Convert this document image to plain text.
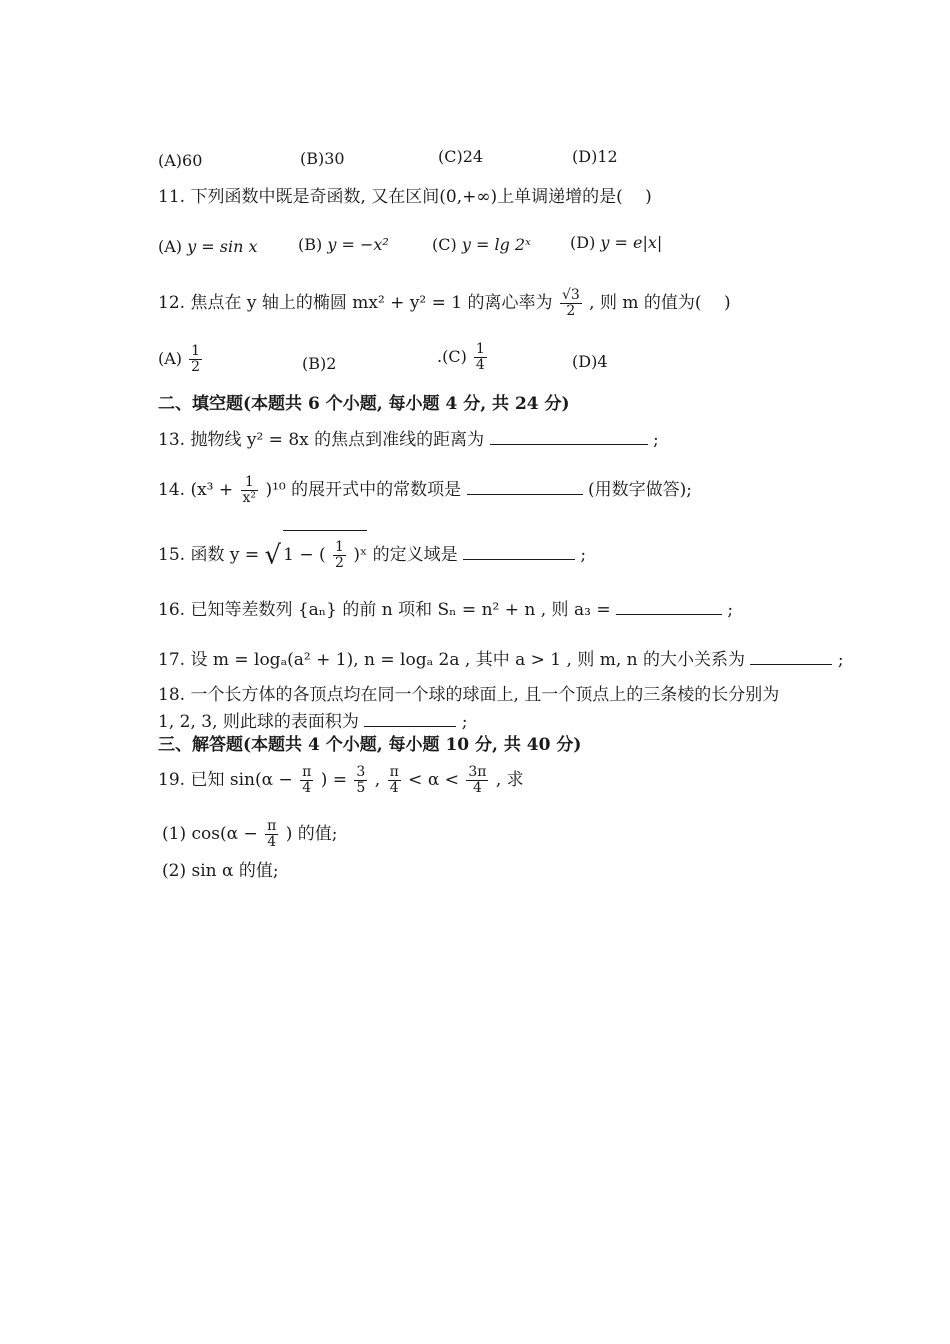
(A)60	(B)30	(C)24	(D)12
11. 下列函数中既是奇函数, 又在区间(0,+∞)上单调递增的是(　 )
(A) y = sin x	(B) y = −x²	(C) y = lg 2ˣ (D) y = e|x|
12. 焦点在 y 轴上的椭圆 mx² + y² = 1 的离心率为 $\frac{√3}{2}$ , 则 m 的值为(　 )
$(A) \frac{1}{2}$	(B)2	$.(C) \frac{1}{4}$	(D)4
二、填空题(本题共 6 个小题, 每小题 4 分, 共 24 分)
13. 抛物线 y² = 8x 的焦点到准线的距离为	;
14. $(x^3 + \frac{1}{\text{x²}} )^{10}$ 的展开式中的常数项是	(用数字做答);
15. 函数 y = √ 1 − ( $\frac{1}{2}$ )ˣ 的定义域是	;
16. 已知等差数列 {aₙ} 的前 n 项和 Sₙ = n² + n , 则 a₃ =	;
17. 设 m = logₐ(a² + 1), n = logₐ 2a , 其中 a > 1 , 则 m, n 的大小关系为	;
18. 一个长方体的各顶点均在同一个球的球面上, 且一个顶点上的三条棱的长分别为
1, 2, 3, 则此球的表面积为	;
三、解答题(本题共 4 个小题, 每小题 10 分, 共 40 分)
19. 已知 $\sin(\alpha - \frac{\pi}{4}$ ) = $\frac{3}{5}$ , $\frac{\pi}{4} < \alpha < \frac{3\pi}{4}$ , 求
(1) $\cos(\alpha - \frac{\pi}{4}$ ) 的值;
(2) sin α 的值;
